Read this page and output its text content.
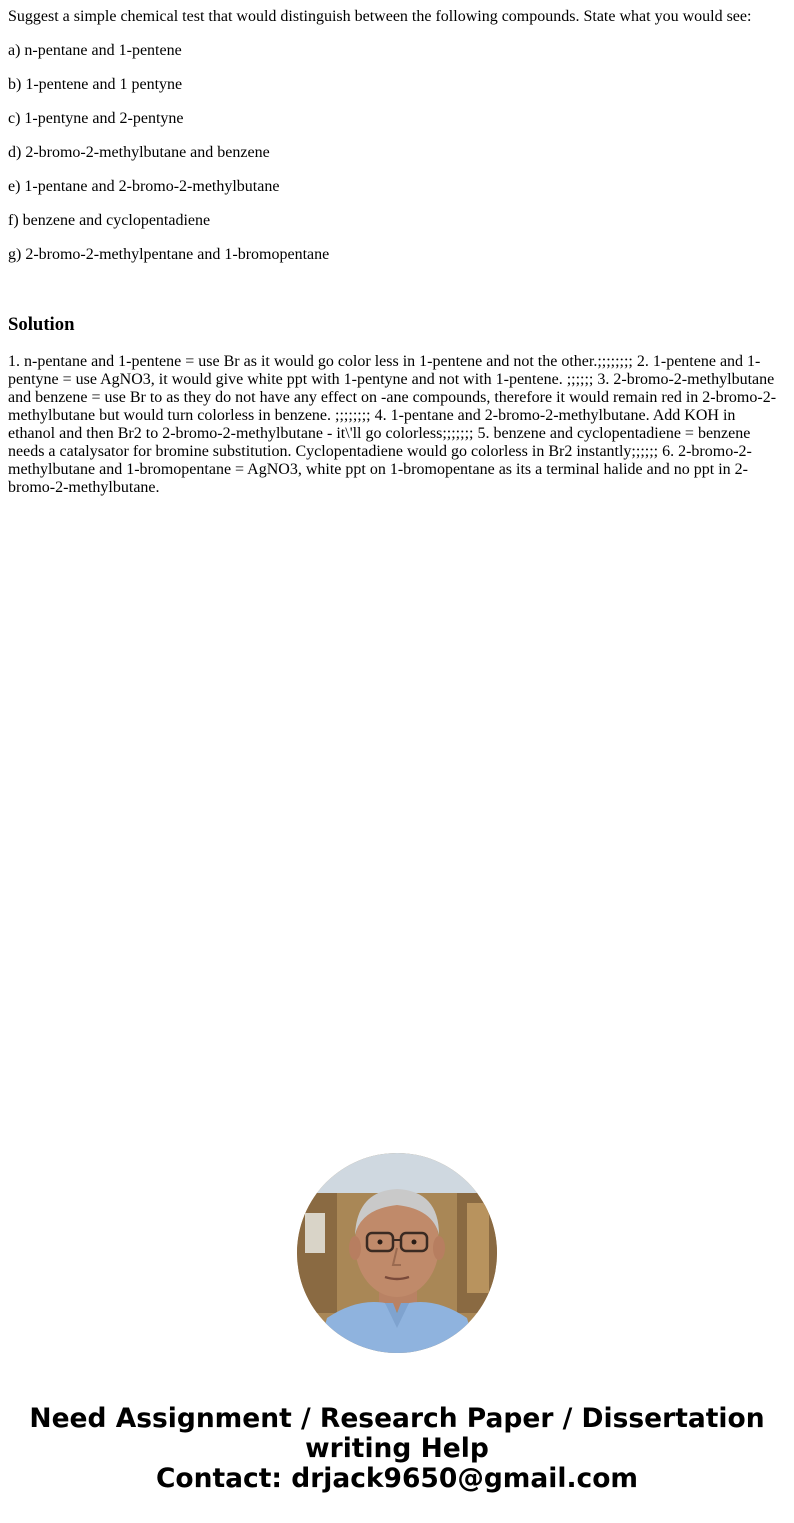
Suggest a simple chemical test that would distinguish between the following compounds. State what you would see:

a) n-pentane and 1-pentene

b) 1-pentene and 1 pentyne

c) 1-pentyne and 2-pentyne

d) 2-bromo-2-methylbutane and benzene

e) 1-pentane and 2-bromo-2-methylbutane

f) benzene and cyclopentadiene

g) 2-bromo-2-methylpentane and 1-bromopentane

Solution

1. n-pentane and 1-pentene = use Br as it would go color less in 1-pentene and not the other.;;;;;;;; 2. 1-pentene and 1-pentyne = use AgNO3, it would give white ppt with 1-pentyne and not with 1-pentene. ;;;;;; 3. 2-bromo-2-methylbutane and benzene = use Br to as they do not have any effect on -ane compounds, therefore it would remain red in 2-bromo-2-methylbutane but would turn colorless in benzene. ;;;;;;;; 4. 1-pentane and 2-bromo-2-methylbutane. Add KOH in ethanol and then Br2 to 2-bromo-2-methylbutane - it\'ll go colorless;;;;;;; 5. benzene and cyclopentadiene = benzene needs a catalysator for bromine substitution. Cyclopentadiene would go colorless in Br2 instantly;;;;;; 6. 2-bromo-2-methylbutane and 1-bromopentane = AgNO3, white ppt on 1-bromopentane as its a terminal halide and no ppt in 2-bromo-2-methylbutane.

Need Assignment / Research Paper / Dissertation
writing Help
Contact: drjack9650@gmail.com
